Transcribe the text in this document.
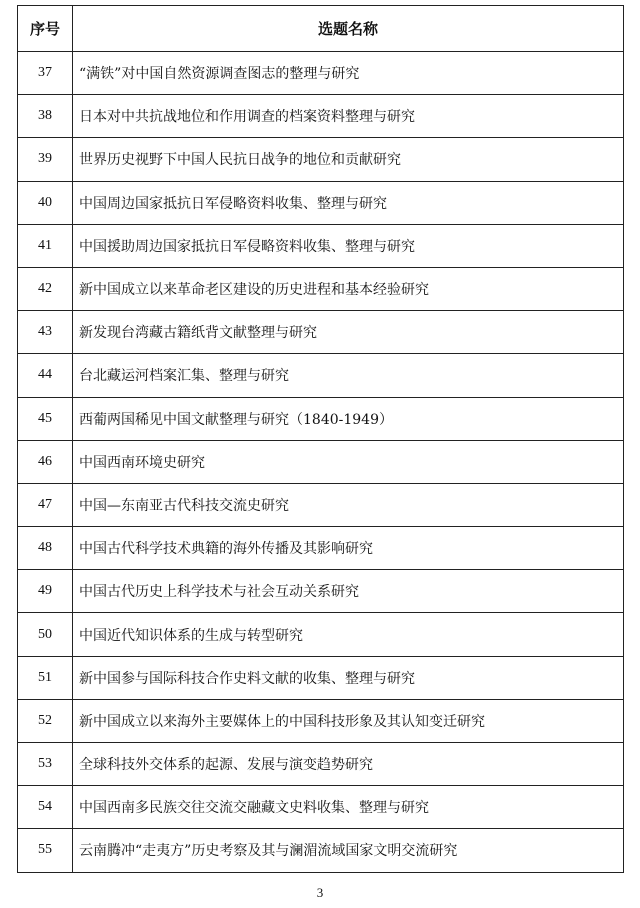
序号	选题名称
37	“满铁”对中国自然资源调查图志的整理与研究
38	日本对中共抗战地位和作用调查的档案资料整理与研究
39	世界历史视野下中国人民抗日战争的地位和贡献研究
40	中国周边国家抵抗日军侵略资料收集、整理与研究
41	中国援助周边国家抵抗日军侵略资料收集、整理与研究
42	新中国成立以来革命老区建设的历史进程和基本经验研究
43	新发现台湾藏古籍纸背文献整理与研究
44	台北藏运河档案汇集、整理与研究
45	西葡两国稀见中国文献整理与研究（1840-1949）
46	中国西南环境史研究
47	中国—东南亚古代科技交流史研究
48	中国古代科学技术典籍的海外传播及其影响研究
49	中国古代历史上科学技术与社会互动关系研究
50	中国近代知识体系的生成与转型研究
51	新中国参与国际科技合作史料文献的收集、整理与研究
52	新中国成立以来海外主要媒体上的中国科技形象及其认知变迁研究
53	全球科技外交体系的起源、发展与演变趋势研究
54	中国西南多民族交往交流交融藏文史料收集、整理与研究
55	云南腾冲“走夷方”历史考察及其与澜湄流域国家文明交流研究
3
